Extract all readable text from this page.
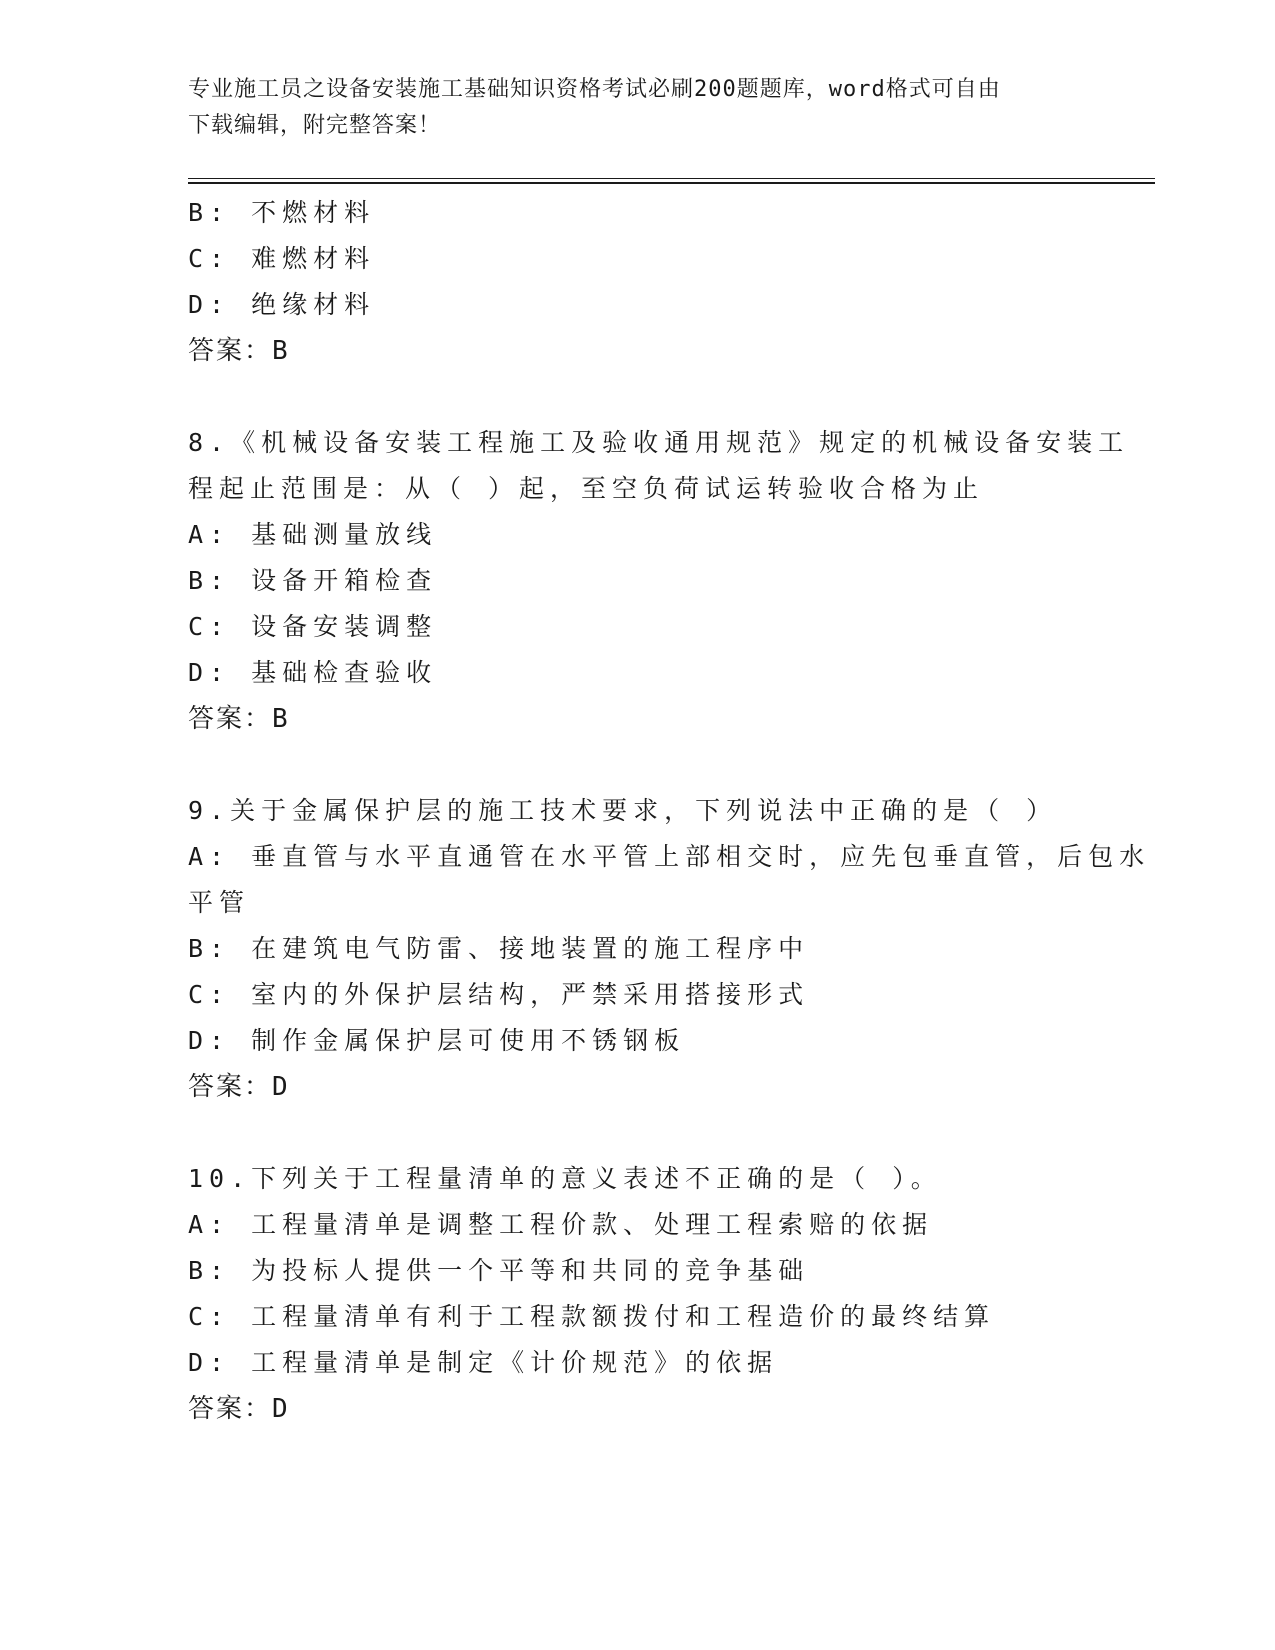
专业施工员之设备安装施工基础知识资格考试必刷200题题库，word格式可自由
下载编辑，附完整答案！

B: 不燃材料

C: 难燃材料

D: 绝缘材料

答案：B

8.《机械设备安装工程施工及验收通用规范》规定的机械设备安装工

程起止范围是：从（ ）起，至空负荷试运转验收合格为止

A: 基础测量放线

B: 设备开箱检查

C: 设备安装调整

D: 基础检查验收

答案：B

9.关于金属保护层的施工技术要求，下列说法中正确的是（ ）

A: 垂直管与水平直通管在水平管上部相交时，应先包垂直管，后包水

平管

B: 在建筑电气防雷、接地装置的施工程序中

C: 室内的外保护层结构，严禁采用搭接形式

D: 制作金属保护层可使用不锈钢板

答案：D

10.下列关于工程量清单的意义表述不正确的是（ ）。

A: 工程量清单是调整工程价款、处理工程索赔的依据

B: 为投标人提供一个平等和共同的竞争基础

C: 工程量清单有利于工程款额拨付和工程造价的最终结算

D: 工程量清单是制定《计价规范》的依据

答案：D
